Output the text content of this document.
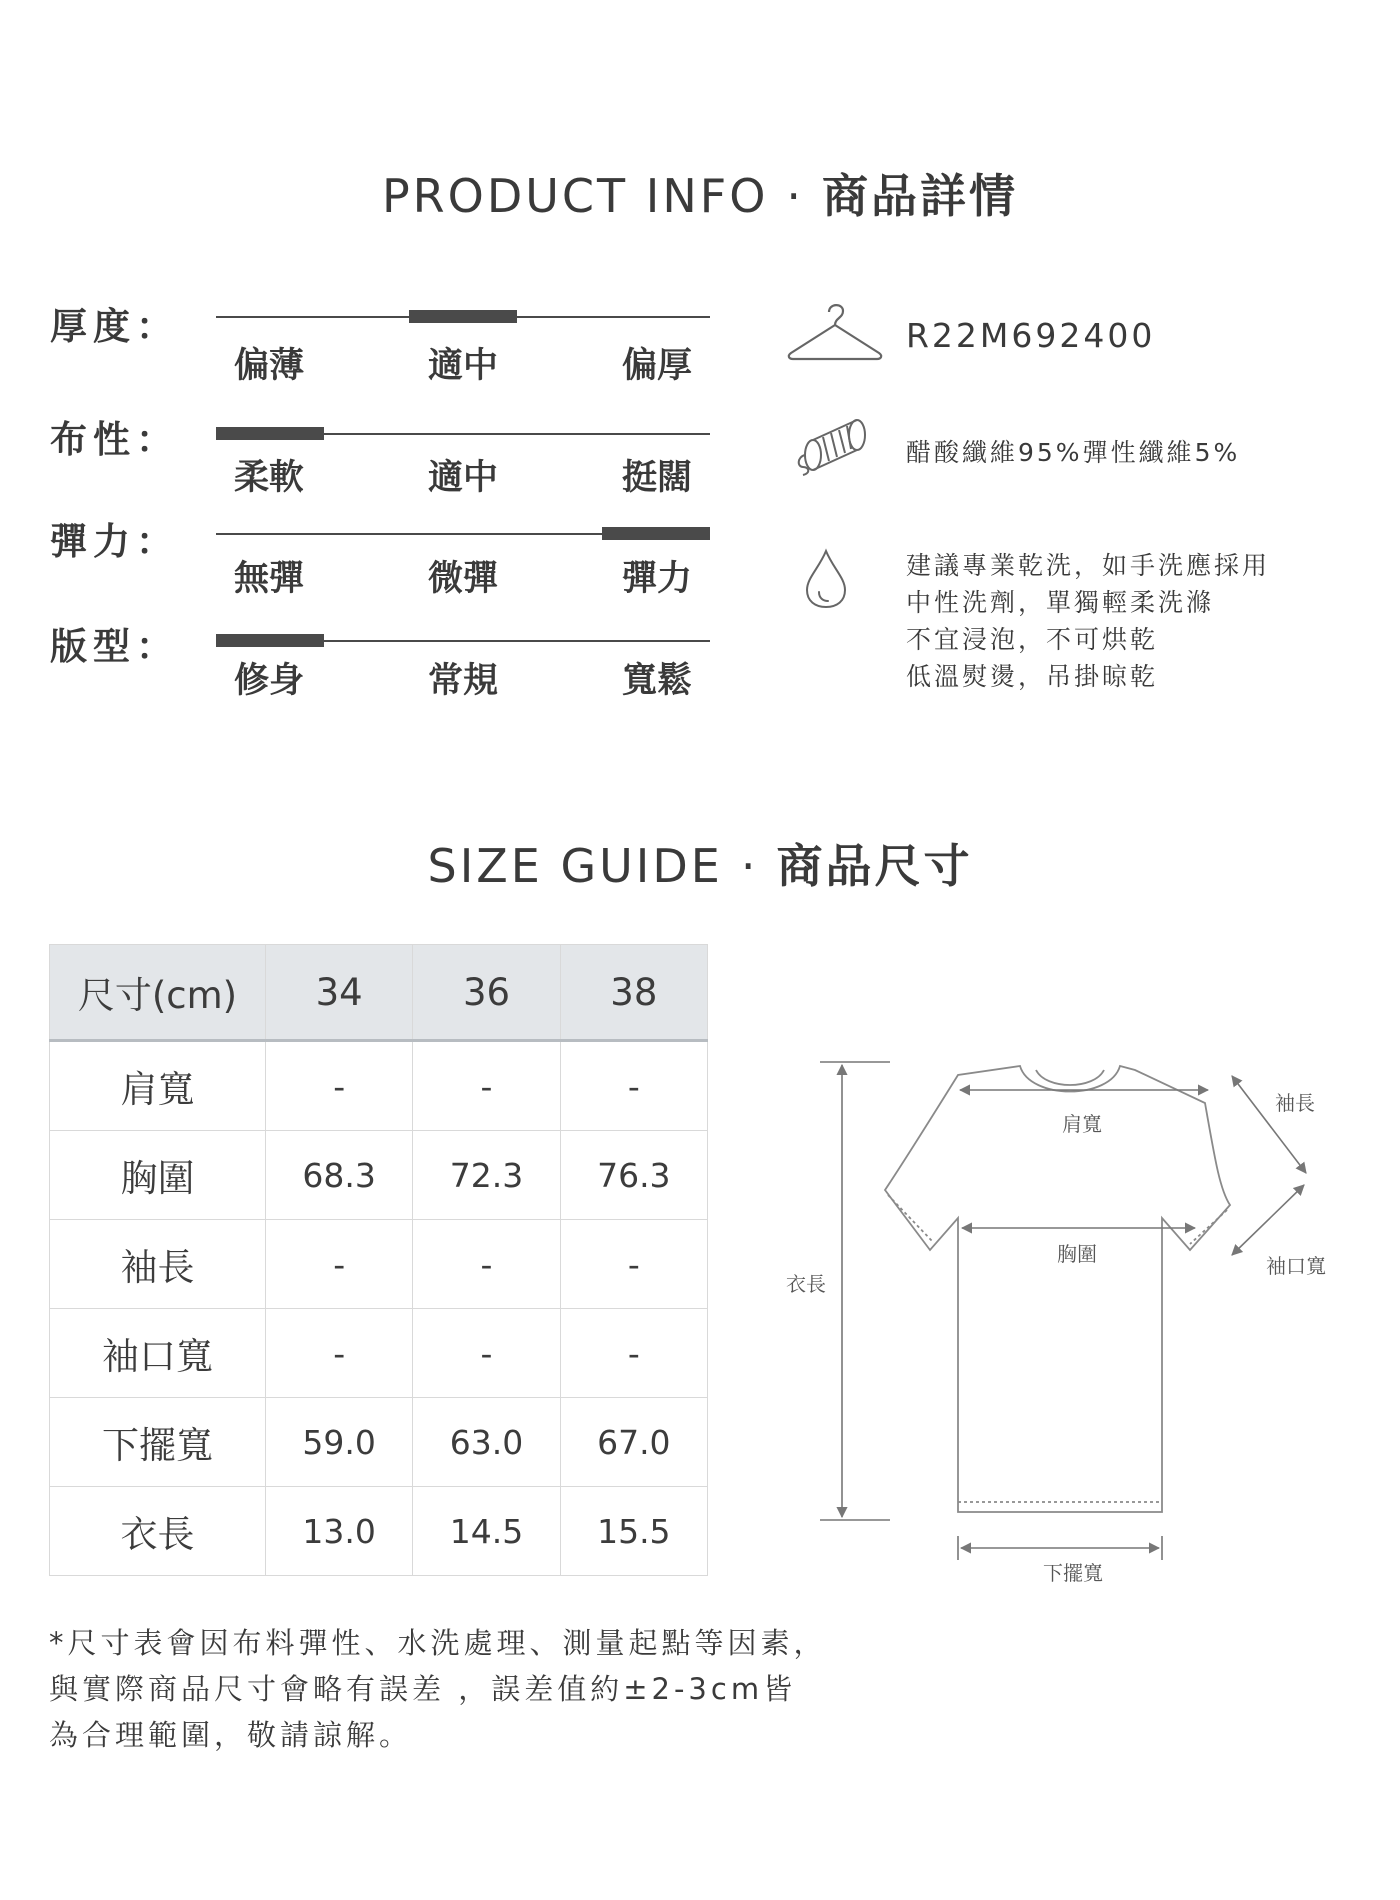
PRODUCT INFO · 商品詳情
厚度：
偏薄	適中	偏厚
布性：
柔軟	適中	挺闊
彈力：
無彈	微彈	彈力
版型：
修身	常規	寬鬆
R22M692400
醋酸纖維95%彈性纖維5%
建議專業乾洗，如手洗應採用
中性洗劑，單獨輕柔洗滌
不宜浸泡，不可烘乾
低溫熨燙，吊掛晾乾
SIZE GUIDE · 商品尺寸
尺寸(cm)	34	36	38
肩寬	-	-	-
胸圍	68.3	72.3	76.3
袖長	-	-	-
袖口寬	-	-	-
下擺寬	59.0	63.0	67.0
衣長	13.0	14.5	15.5
肩寬
袖長
胸圍	袖口寬
衣長
下擺寬
*尺寸表會因布料彈性、水洗處理、測量起點等因素，
與實際商品尺寸會略有誤差 ，誤差值約±2-3cm皆
為合理範圍，敬請諒解。
